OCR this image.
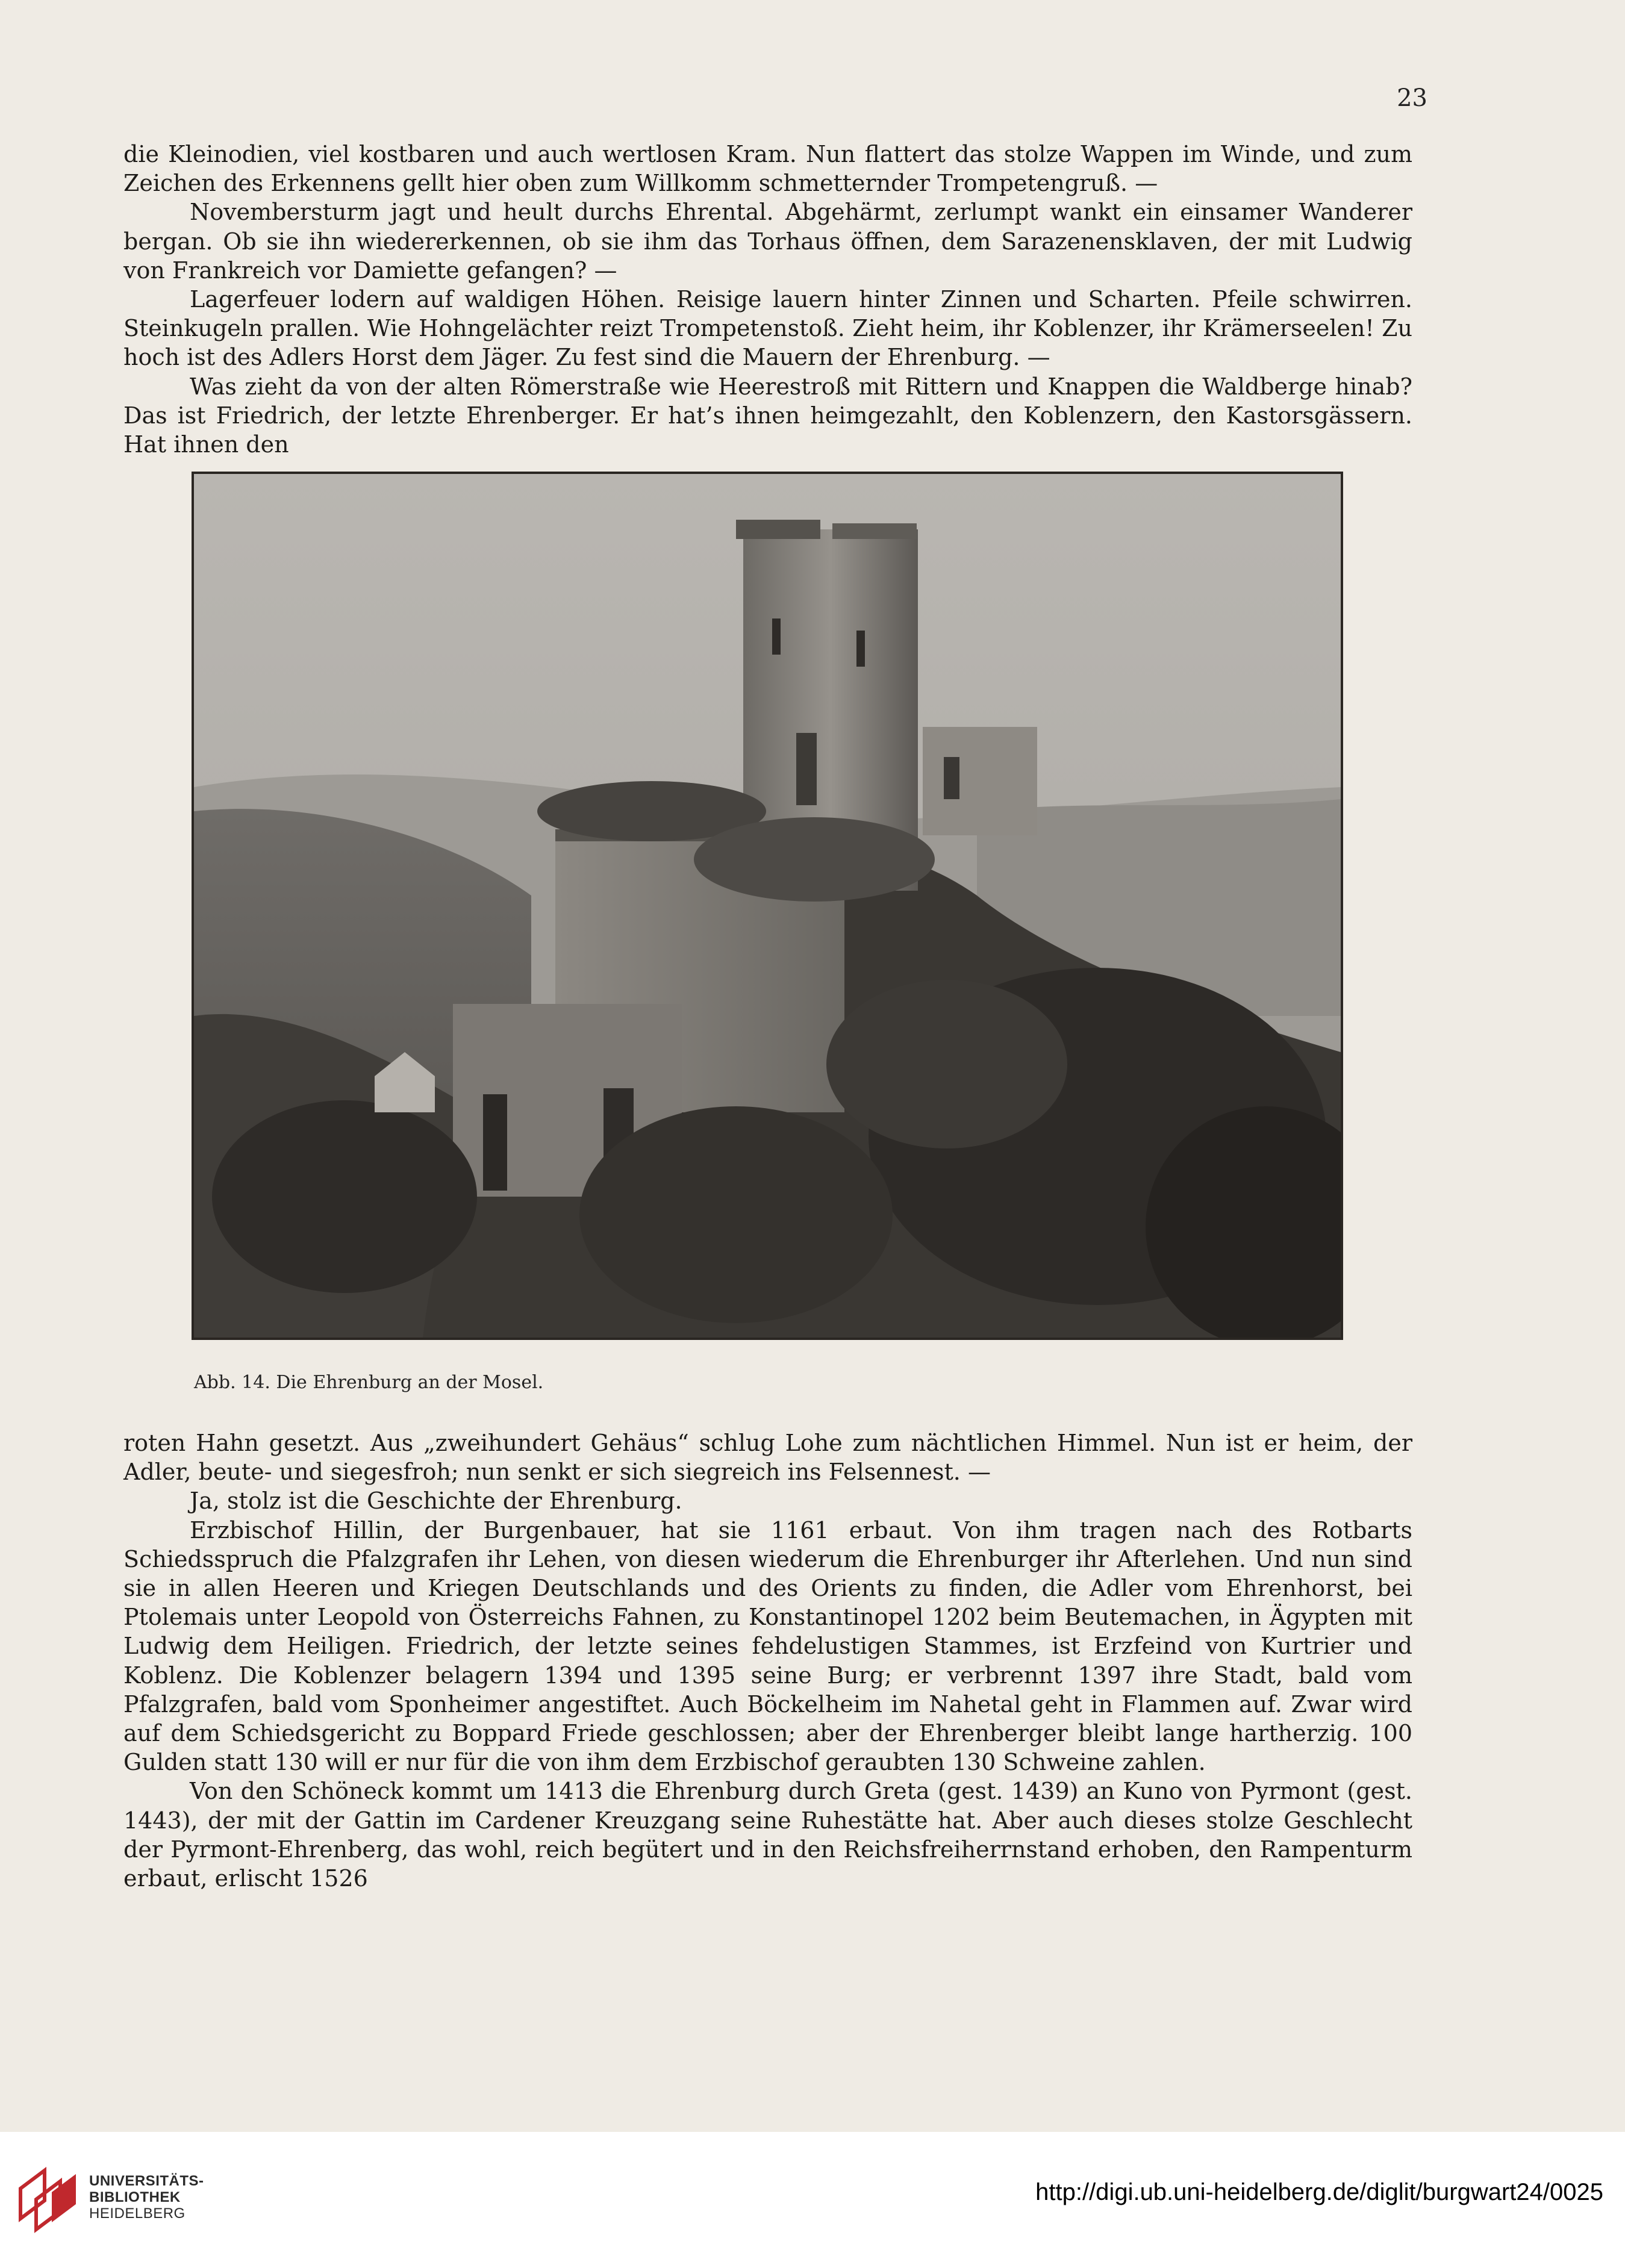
23

die Kleinodien, viel kostbaren und auch wertlosen Kram. Nun flattert das stolze Wappen im Winde, und zum Zeichen des Erkennens gellt hier oben zum Willkomm schmetternder Trompetengruß. —

Novembersturm jagt und heult durchs Ehrental. Abgehärmt, zerlumpt wankt ein einsamer Wanderer bergan. Ob sie ihn wiedererkennen, ob sie ihm das Torhaus öffnen, dem Sarazenensklaven, der mit Ludwig von Frankreich vor Damiette gefangen? —

Lagerfeuer lodern auf waldigen Höhen. Reisige lauern hinter Zinnen und Scharten. Pfeile schwirren. Steinkugeln prallen. Wie Hohngelächter reizt Trompetenstoß. Zieht heim, ihr Koblenzer, ihr Krämerseelen! Zu hoch ist des Adlers Horst dem Jäger. Zu fest sind die Mauern der Ehrenburg. —

Was zieht da von der alten Römerstraße wie Heerestroß mit Rittern und Knappen die Waldberge hinab? Das ist Friedrich, der letzte Ehrenberger. Er hat’s ihnen heimgezahlt, den Koblenzern, den Kastorsgässern. Hat ihnen den

Abb. 14. Die Ehrenburg an der Mosel.

roten Hahn gesetzt. Aus „zweihundert Gehäus“ schlug Lohe zum nächtlichen Himmel. Nun ist er heim, der Adler, beute- und siegesfroh; nun senkt er sich siegreich ins Felsennest. —

Ja, stolz ist die Geschichte der Ehrenburg.

Erzbischof Hillin, der Burgenbauer, hat sie 1161 erbaut. Von ihm tragen nach des Rotbarts Schiedsspruch die Pfalzgrafen ihr Lehen, von diesen wiederum die Ehrenburger ihr Afterlehen. Und nun sind sie in allen Heeren und Kriegen Deutschlands und des Orients zu finden, die Adler vom Ehrenhorst, bei Ptolemais unter Leopold von Österreichs Fahnen, zu Konstantinopel 1202 beim Beutemachen, in Ägypten mit Ludwig dem Heiligen. Friedrich, der letzte seines fehdelustigen Stammes, ist Erzfeind von Kurtrier und Koblenz. Die Koblenzer belagern 1394 und 1395 seine Burg; er verbrennt 1397 ihre Stadt, bald vom Pfalzgrafen, bald vom Sponheimer angestiftet. Auch Böckelheim im Nahetal geht in Flammen auf. Zwar wird auf dem Schiedsgericht zu Boppard Friede geschlossen; aber der Ehrenberger bleibt lange hartherzig. 100 Gulden statt 130 will er nur für die von ihm dem Erzbischof geraubten 130 Schweine zahlen.

Von den Schöneck kommt um 1413 die Ehrenburg durch Greta (gest. 1439) an Kuno von Pyrmont (gest. 1443), der mit der Gattin im Cardener Kreuzgang seine Ruhestätte hat. Aber auch dieses stolze Geschlecht der Pyrmont-Ehrenberg, das wohl, reich begütert und in den Reichsfreiherrnstand erhoben, den Rampenturm erbaut, erlischt 1526

UNIVERSITÄTS-
BIBLIOTHEK
HEIDELBERG
http://digi.ub.uni-heidelberg.de/diglit/burgwart24/0025
